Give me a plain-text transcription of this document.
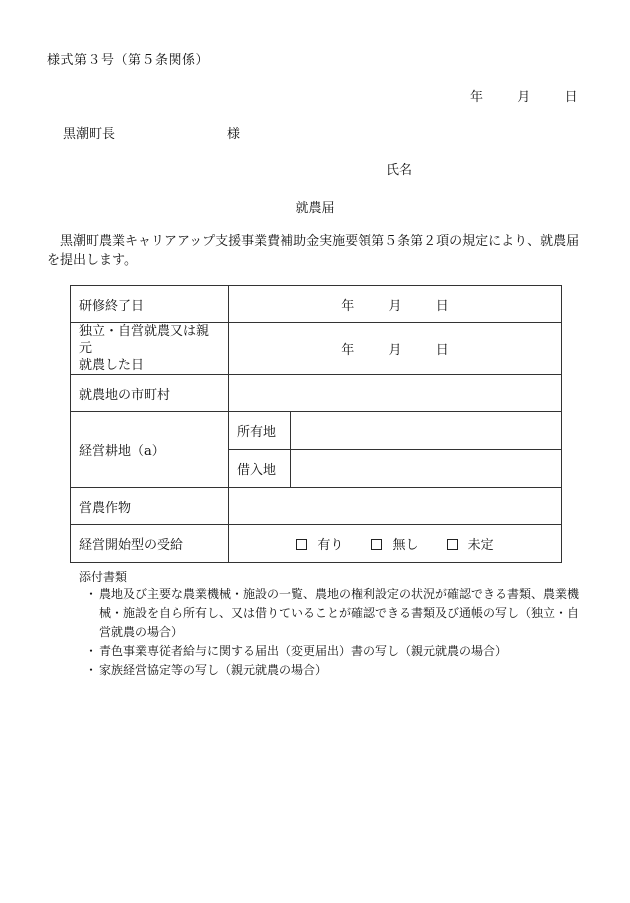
様式第３号（第５条関係）
年	月	日
黒潮町長	様
氏名
就農届
黒潮町農業キャリアアップ支援事業費補助金実施要領第５条第２項の規定により、就農届を提出します。
研修終了日	年 月 日	

独立・自営就農又は親元
就農した日	年 月 日	
就農地の市町村		
経営耕地（a）	所有地	
	借入地	
営農作物		
経営開始型の受給	有り 無し 未定	
添付書類
・ 農地及び主要な農業機械・施設の一覧、農地の権利設定の状況が確認できる書類、農業機械・施設を自ら所有し、又は借りていることが確認できる書類及び通帳の写し（独立・自営就農の場合）
・ 青色事業専従者給与に関する届出（変更届出）書の写し（親元就農の場合）
・ 家族経営協定等の写し（親元就農の場合）
